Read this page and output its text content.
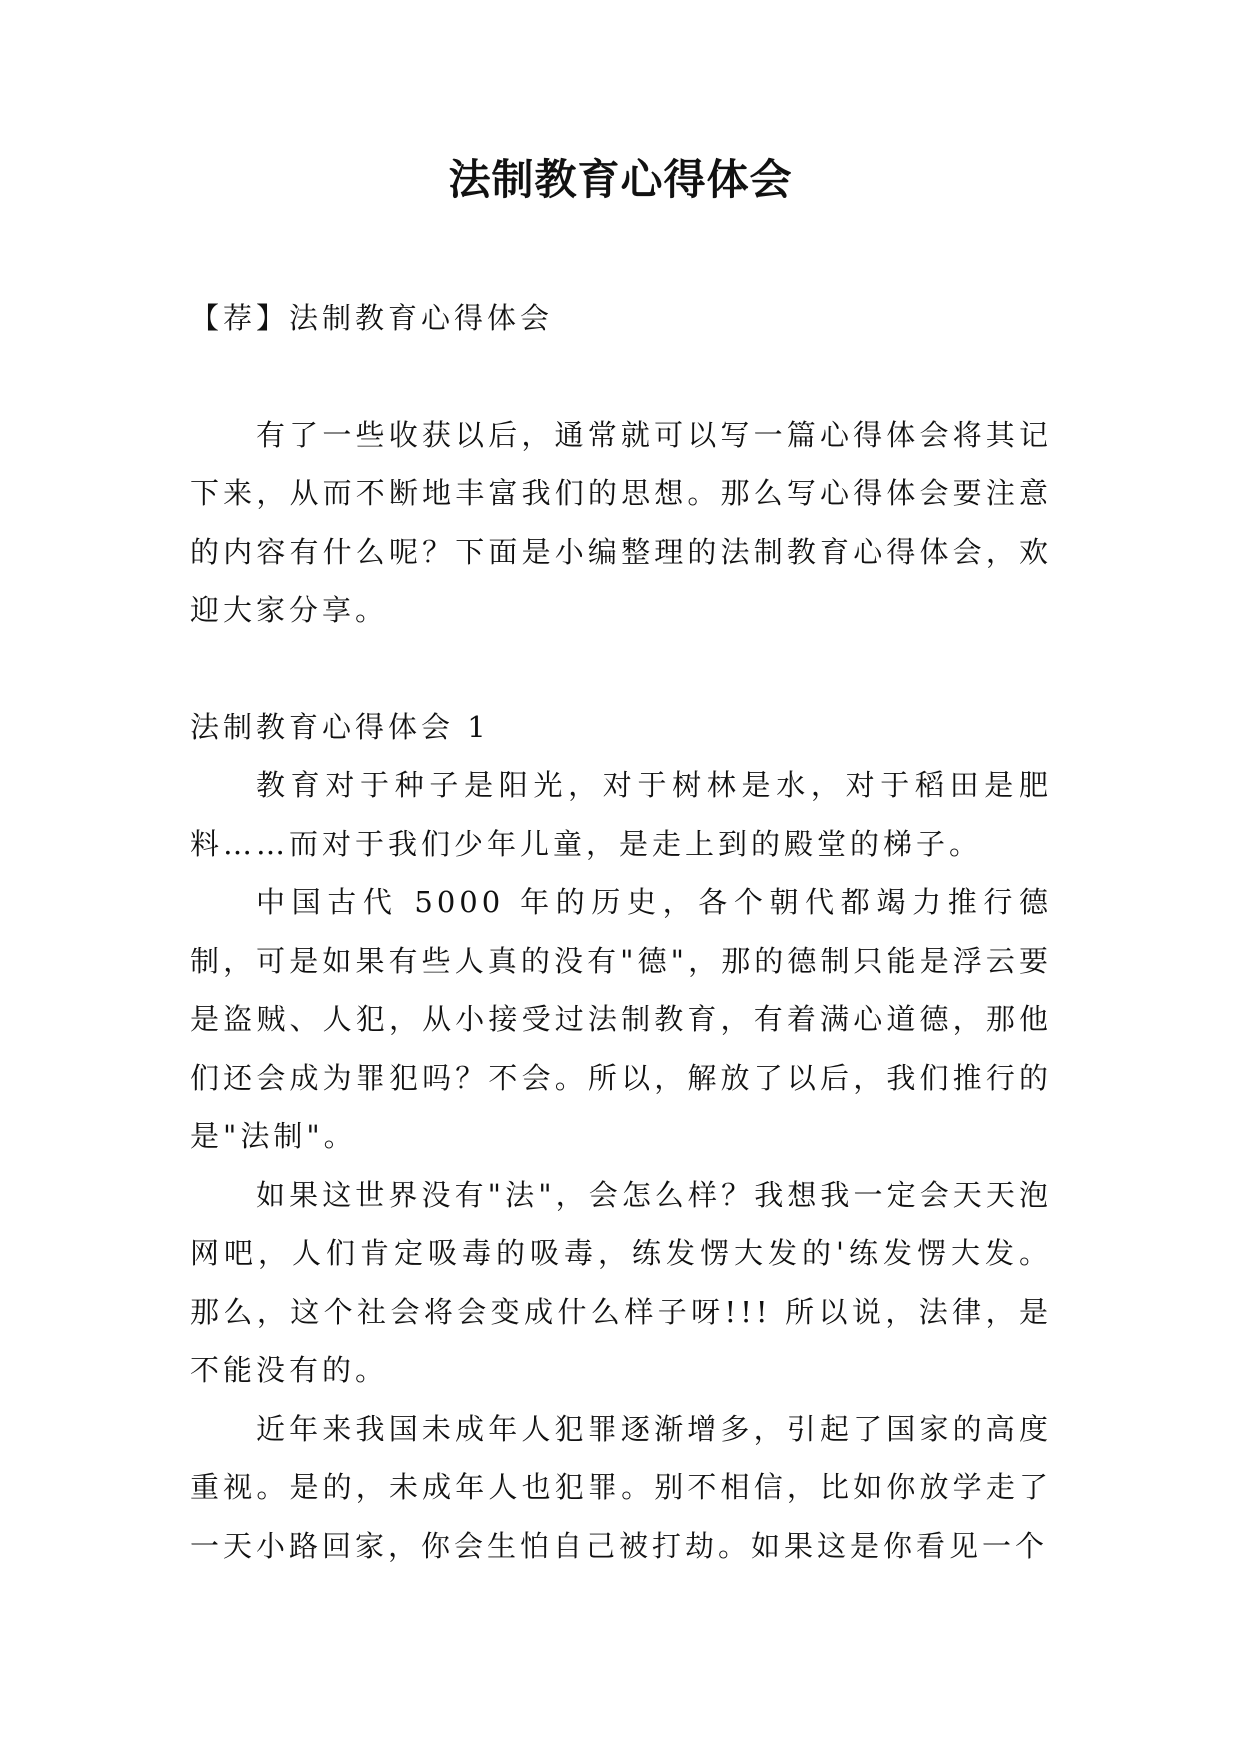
法制教育心得体会

【荐】法制教育心得体会

有了一些收获以后，通常就可以写一篇心得体会将其记下来，从而不断地丰富我们的思想。那么写心得体会要注意的内容有什么呢？下面是小编整理的法制教育心得体会，欢迎大家分享。

法制教育心得体会 1

教育对于种子是阳光，对于树林是水，对于稻田是肥料……而对于我们少年儿童，是走上到的殿堂的梯子。

中国古代 5000 年的历史，各个朝代都竭力推行德制，可是如果有些人真的没有"德"，那的德制只能是浮云要是盗贼、人犯，从小接受过法制教育，有着满心道德，那他们还会成为罪犯吗？不会。所以，解放了以后，我们推行的是"法制"。

如果这世界没有"法"，会怎么样？我想我一定会天天泡网吧，人们肯定吸毒的吸毒，练发愣大发的'练发愣大发。那么，这个社会将会变成什么样子呀!!! 所以说，法律，是不能没有的。

近年来我国未成年人犯罪逐渐增多，引起了国家的高度重视。是的，未成年人也犯罪。别不相信，比如你放学走了一天小路回家，你会生怕自己被打劫。如果这是你看见一个
